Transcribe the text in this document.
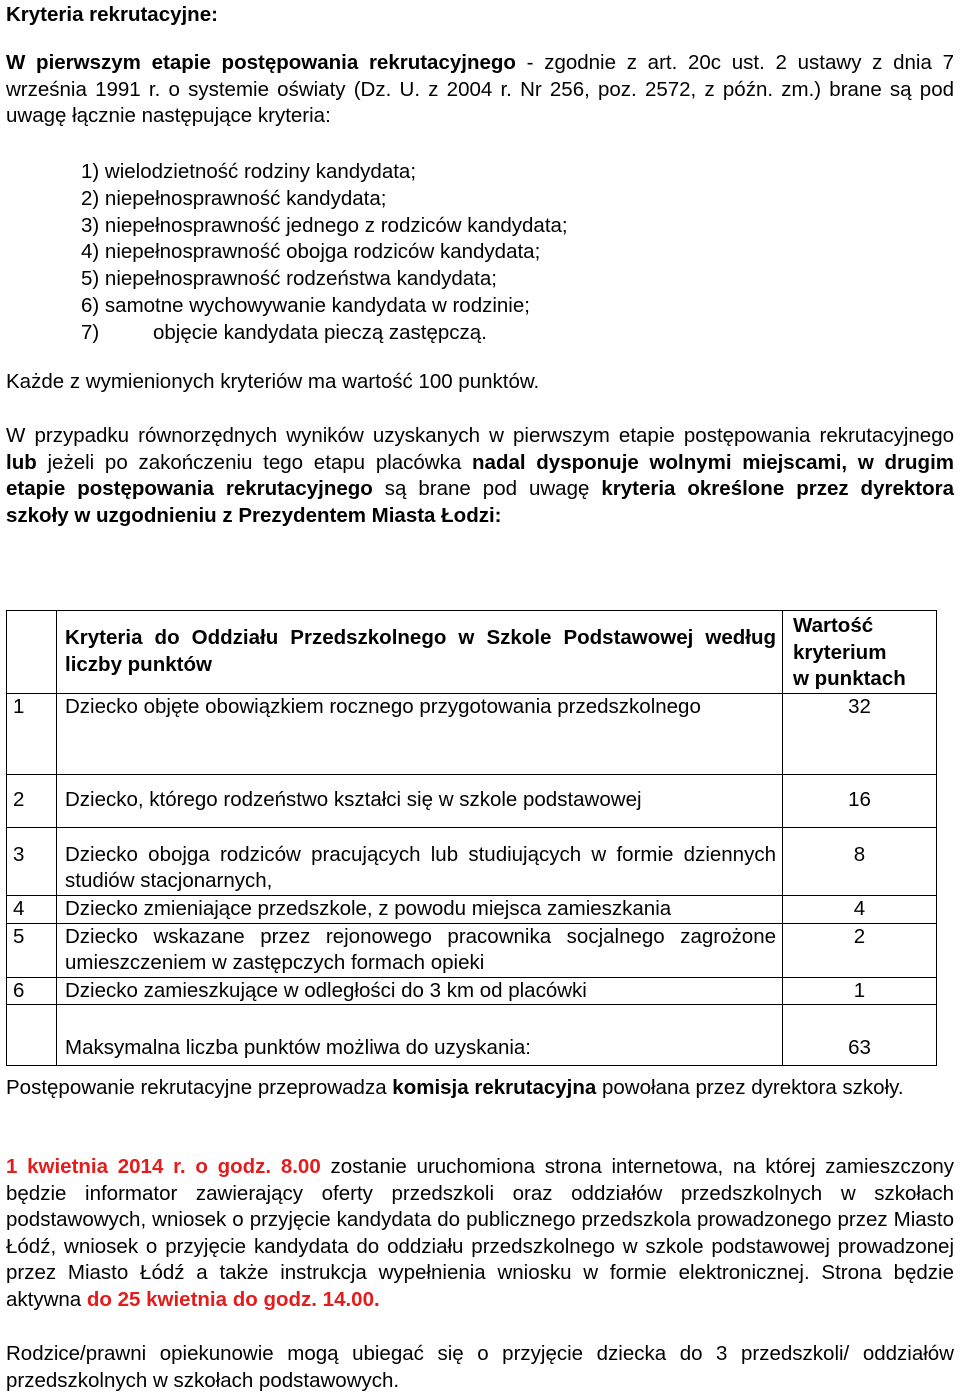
Kryteria rekrutacyjne:

W pierwszym etapie postępowania rekrutacyjnego - zgodnie z art. 20c ust. 2 ustawy z dnia 7 września 1991 r. o systemie oświaty (Dz. U. z 2004 r. Nr 256, poz. 2572, z późn. zm.) brane są pod uwagę łącznie następujące kryteria:

1) wielodzietność rodziny kandydata;
2) niepełnosprawność kandydata;
3) niepełnosprawność jednego z rodziców kandydata;
4) niepełnosprawność obojga rodziców kandydata;
5) niepełnosprawność rodzeństwa kandydata;
6) samotne wychowywanie kandydata w rodzinie;
7)	objęcie kandydata pieczą zastępczą.

Każde z wymienionych kryteriów ma wartość 100 punktów.

W przypadku równorzędnych wyników uzyskanych w pierwszym etapie postępowania rekrutacyjnego lub jeżeli po zakończeniu tego etapu placówka nadal dysponuje wolnymi miejscami, w drugim etapie postępowania rekrutacyjnego są brane pod uwagę kryteria określone przez dyrektora szkoły w uzgodnieniu z Prezydentem Miasta Łodzi:

	Kryteria do Oddziału Przedszkolnego w Szkole Podstawowej według liczby punktów	Wartość
kryterium
w punktach

1	Dziecko objęte obowiązkiem rocznego przygotowania przedszkolnego	32
2	Dziecko, którego rodzeństwo kształci się w szkole podstawowej	16
3	Dziecko obojga rodziców pracujących lub studiujących w formie dziennych studiów stacjonarnych,	8
4	Dziecko zmieniające przedszkole, z powodu miejsca zamieszkania	4
5	Dziecko wskazane przez rejonowego pracownika socjalnego zagrożone umieszczeniem w zastępczych formach opieki	2
6	Dziecko zamieszkujące w odległości do 3 km od placówki	1
	Maksymalna liczba punktów możliwa do uzyskania:	63

Postępowanie rekrutacyjne przeprowadza komisja rekrutacyjna powołana przez dyrektora szkoły.

1 kwietnia 2014 r. o godz. 8.00 zostanie uruchomiona strona internetowa, na której zamieszczony będzie informator zawierający oferty przedszkoli oraz oddziałów przedszkolnych w szkołach podstawowych, wniosek o przyjęcie kandydata do publicznego przedszkola prowadzonego przez Miasto Łódź, wniosek o przyjęcie kandydata do oddziału przedszkolnego w szkole podstawowej prowadzonej przez Miasto Łódź a także instrukcja wypełnienia wniosku w formie elektronicznej. Strona będzie aktywna do 25 kwietnia do godz. 14.00.

Rodzice/prawni opiekunowie mogą ubiegać się o przyjęcie dziecka do 3 przedszkoli/ oddziałów przedszkolnych w szkołach podstawowych.
